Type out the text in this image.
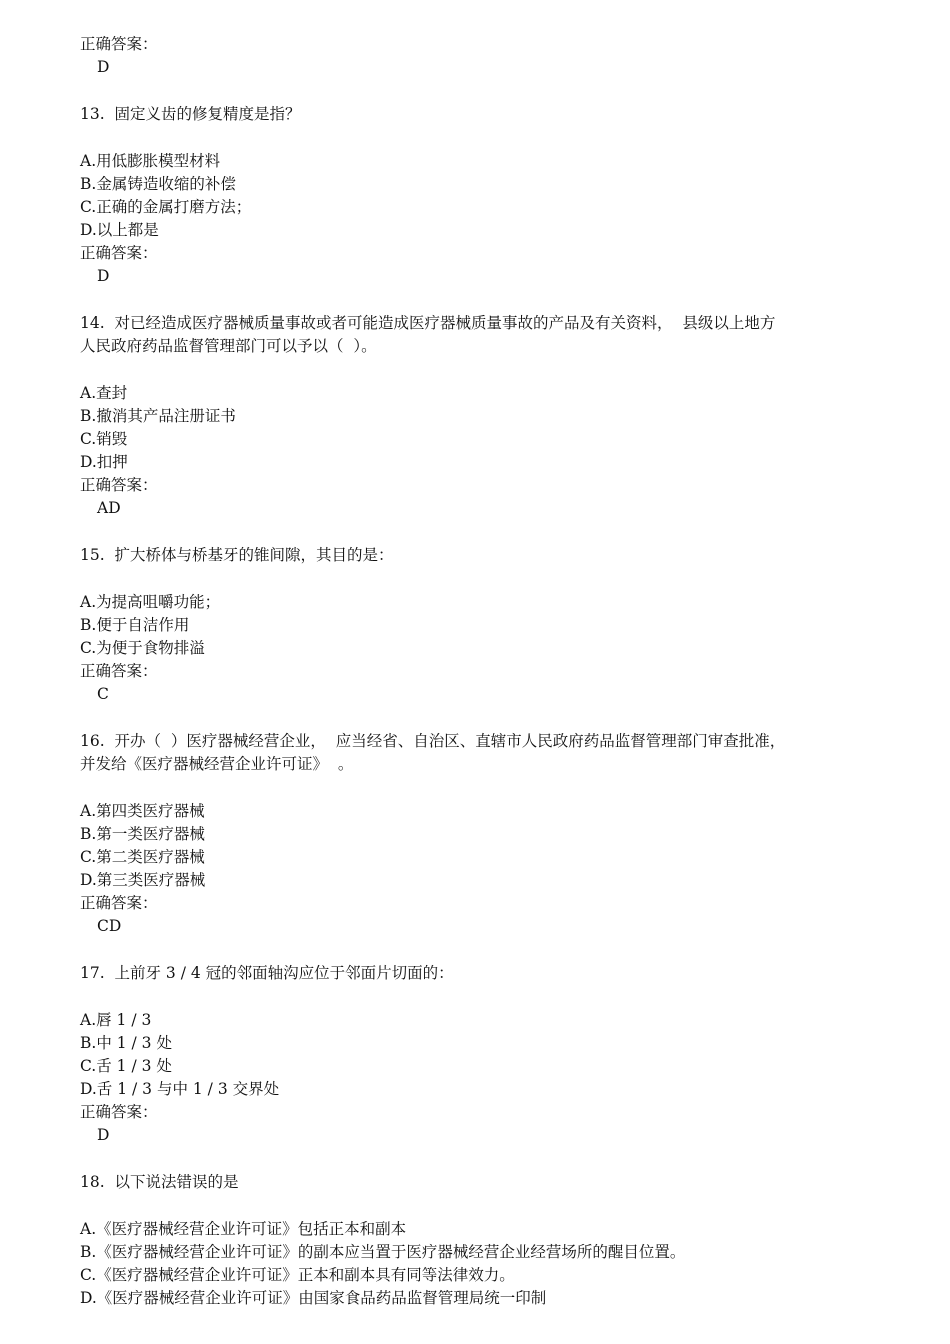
正确答案：
D
13.  固定义齿的修复精度是指？
A.用低膨胀模型材料
B.金属铸造收缩的补偿
C.正确的金属打磨方法；
D.以上都是
正确答案：
D
14.  对已经造成医疗器械质量事故或者可能造成医疗器械质量事故的产品及有关资料，  县级以上地方
人民政府药品监督管理部门可以予以（  ）。
A.查封
B.撤消其产品注册证书
C.销毁
D.扣押
正确答案：
AD
15.  扩大桥体与桥基牙的锥间隙，其目的是：
A.为提高咀嚼功能；
B.便于自洁作用
C.为便于食物排溢
正确答案：
C
16.  开办（  ）医疗器械经营企业，  应当经省、自治区、直辖市人民政府药品监督管理部门审查批准，
并发给《医疗器械经营企业许可证》  。
A.第四类医疗器械
B.第一类医疗器械
C.第二类医疗器械
D.第三类医疗器械
正确答案：
CD
17.  上前牙 3 / 4 冠的邻面轴沟应位于邻面片切面的：
A.唇 1 / 3
B.中 1 / 3 处
C.舌 1 / 3 处
D.舌 1 / 3 与中 1 / 3 交界处
正确答案：
D
18.  以下说法错误的是
A.《医疗器械经营企业许可证》包括正本和副本
B.《医疗器械经营企业许可证》的副本应当置于医疗器械经营企业经营场所的醒目位置。
C.《医疗器械经营企业许可证》正本和副本具有同等法律效力。
D.《医疗器械经营企业许可证》由国家食品药品监督管理局统一印制
